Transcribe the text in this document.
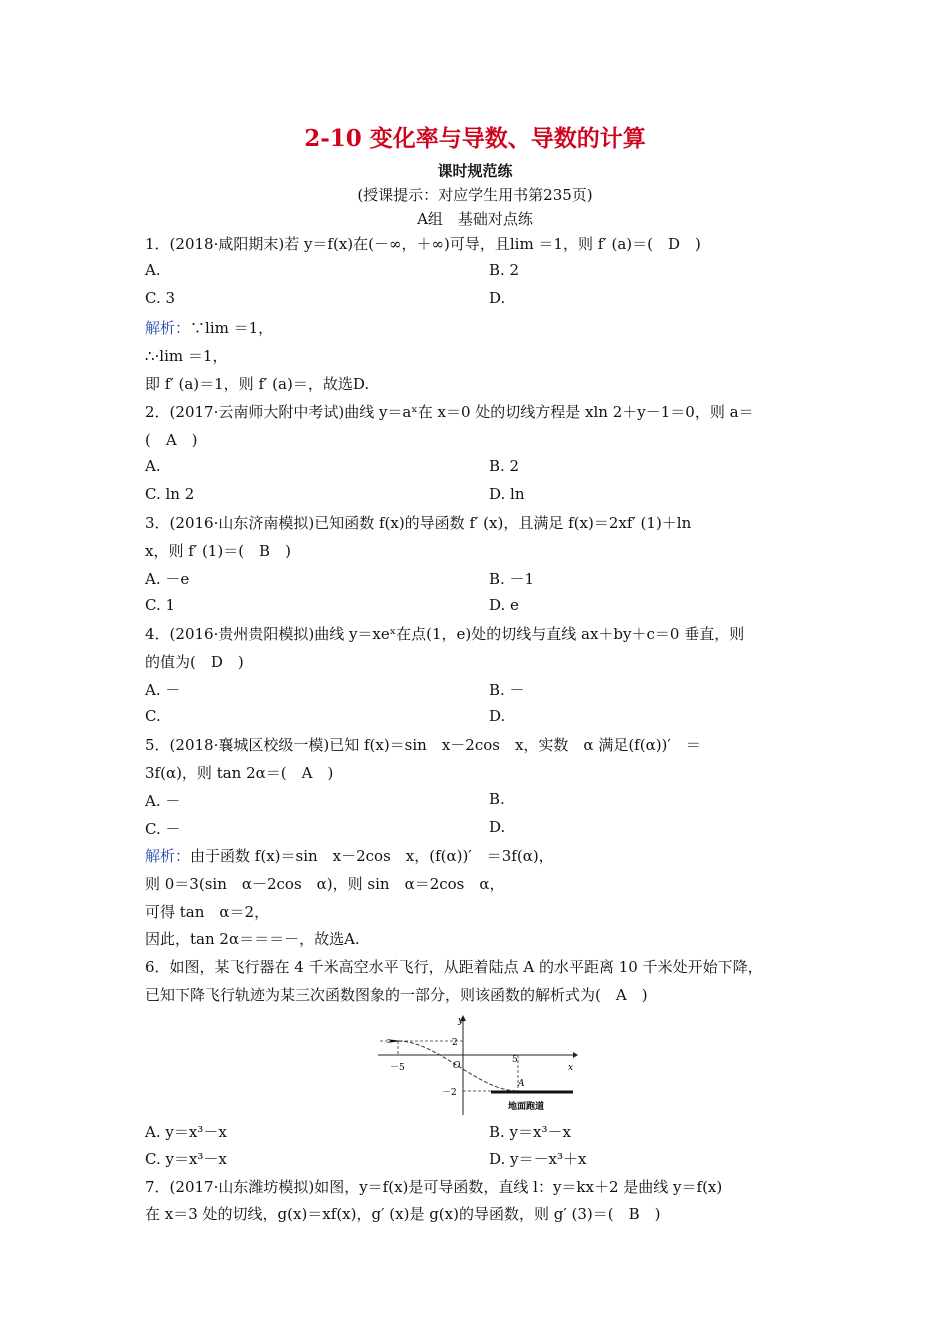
2-10 变化率与导数、导数的计算
课时规范练
(授课提示：对应学生用书第235页)
A组　基础对点练
1．(2018·咸阳期末)若 y＝f(x)在(－∞，＋∞)可导，且lim ＝1，则 f′ (a)＝(　D　)
A.	B. 2
C. 3	D.
解析：∵lim ＝1，
∴·lim ＝1，
即 f′ (a)＝1，则 f′ (a)＝，故选D.
2．(2017·云南师大附中考试)曲线 y＝aˣ在 x＝0 处的切线方程是 xln 2＋y－1＝0，则 a＝
(　A　)
A.	B. 2
C. ln 2	D. ln
3．(2016·山东济南模拟)已知函数 f(x)的导函数 f′ (x)，且满足 f(x)＝2xf′ (1)＋ln
x，则 f′ (1)＝(　B　)
A. －e	B. －1
C. 1	D. e
4．(2016·贵州贵阳模拟)曲线 y＝xeˣ在点(1，e)处的切线与直线 ax＋by＋c＝0 垂直，则
的值为(　D　)
A. －	B. －
C.	D.
5．(2018·襄城区校级一模)已知 f(x)＝sin　x－2cos　x，实数　α 满足(f(α))′　＝
3f(α)，则 tan 2α＝(　A　)
A. －	B.
C. －	D.
解析：由于函数 f(x)＝sin　x－2cos　x，(f(α))′　＝3f(α)，
则 0＝3(sin　α－2cos　α)，则 sin　α＝2cos　α，
可得 tan　α＝2，
因此，tan 2α＝＝＝－，故选A.
6．如图，某飞行器在 4 千米高空水平飞行，从距着陆点 A 的水平距离 10 千米处开始下降，
已知下降飞行轨迹为某三次函数图象的一部分，则该函数的解析式为(　A　)
y
x
2
－2
5
－5	O
A
地面跑道
A. y＝x³－x	B. y＝x³－x
C. y＝x³－x	D. y＝－x³＋x
7．(2017·山东潍坊模拟)如图，y＝f(x)是可导函数，直线 l：y＝kx＋2 是曲线 y＝f(x)
在 x＝3 处的切线，g(x)＝xf(x)，g′ (x)是 g(x)的导函数，则 g′ (3)＝(　B　)
